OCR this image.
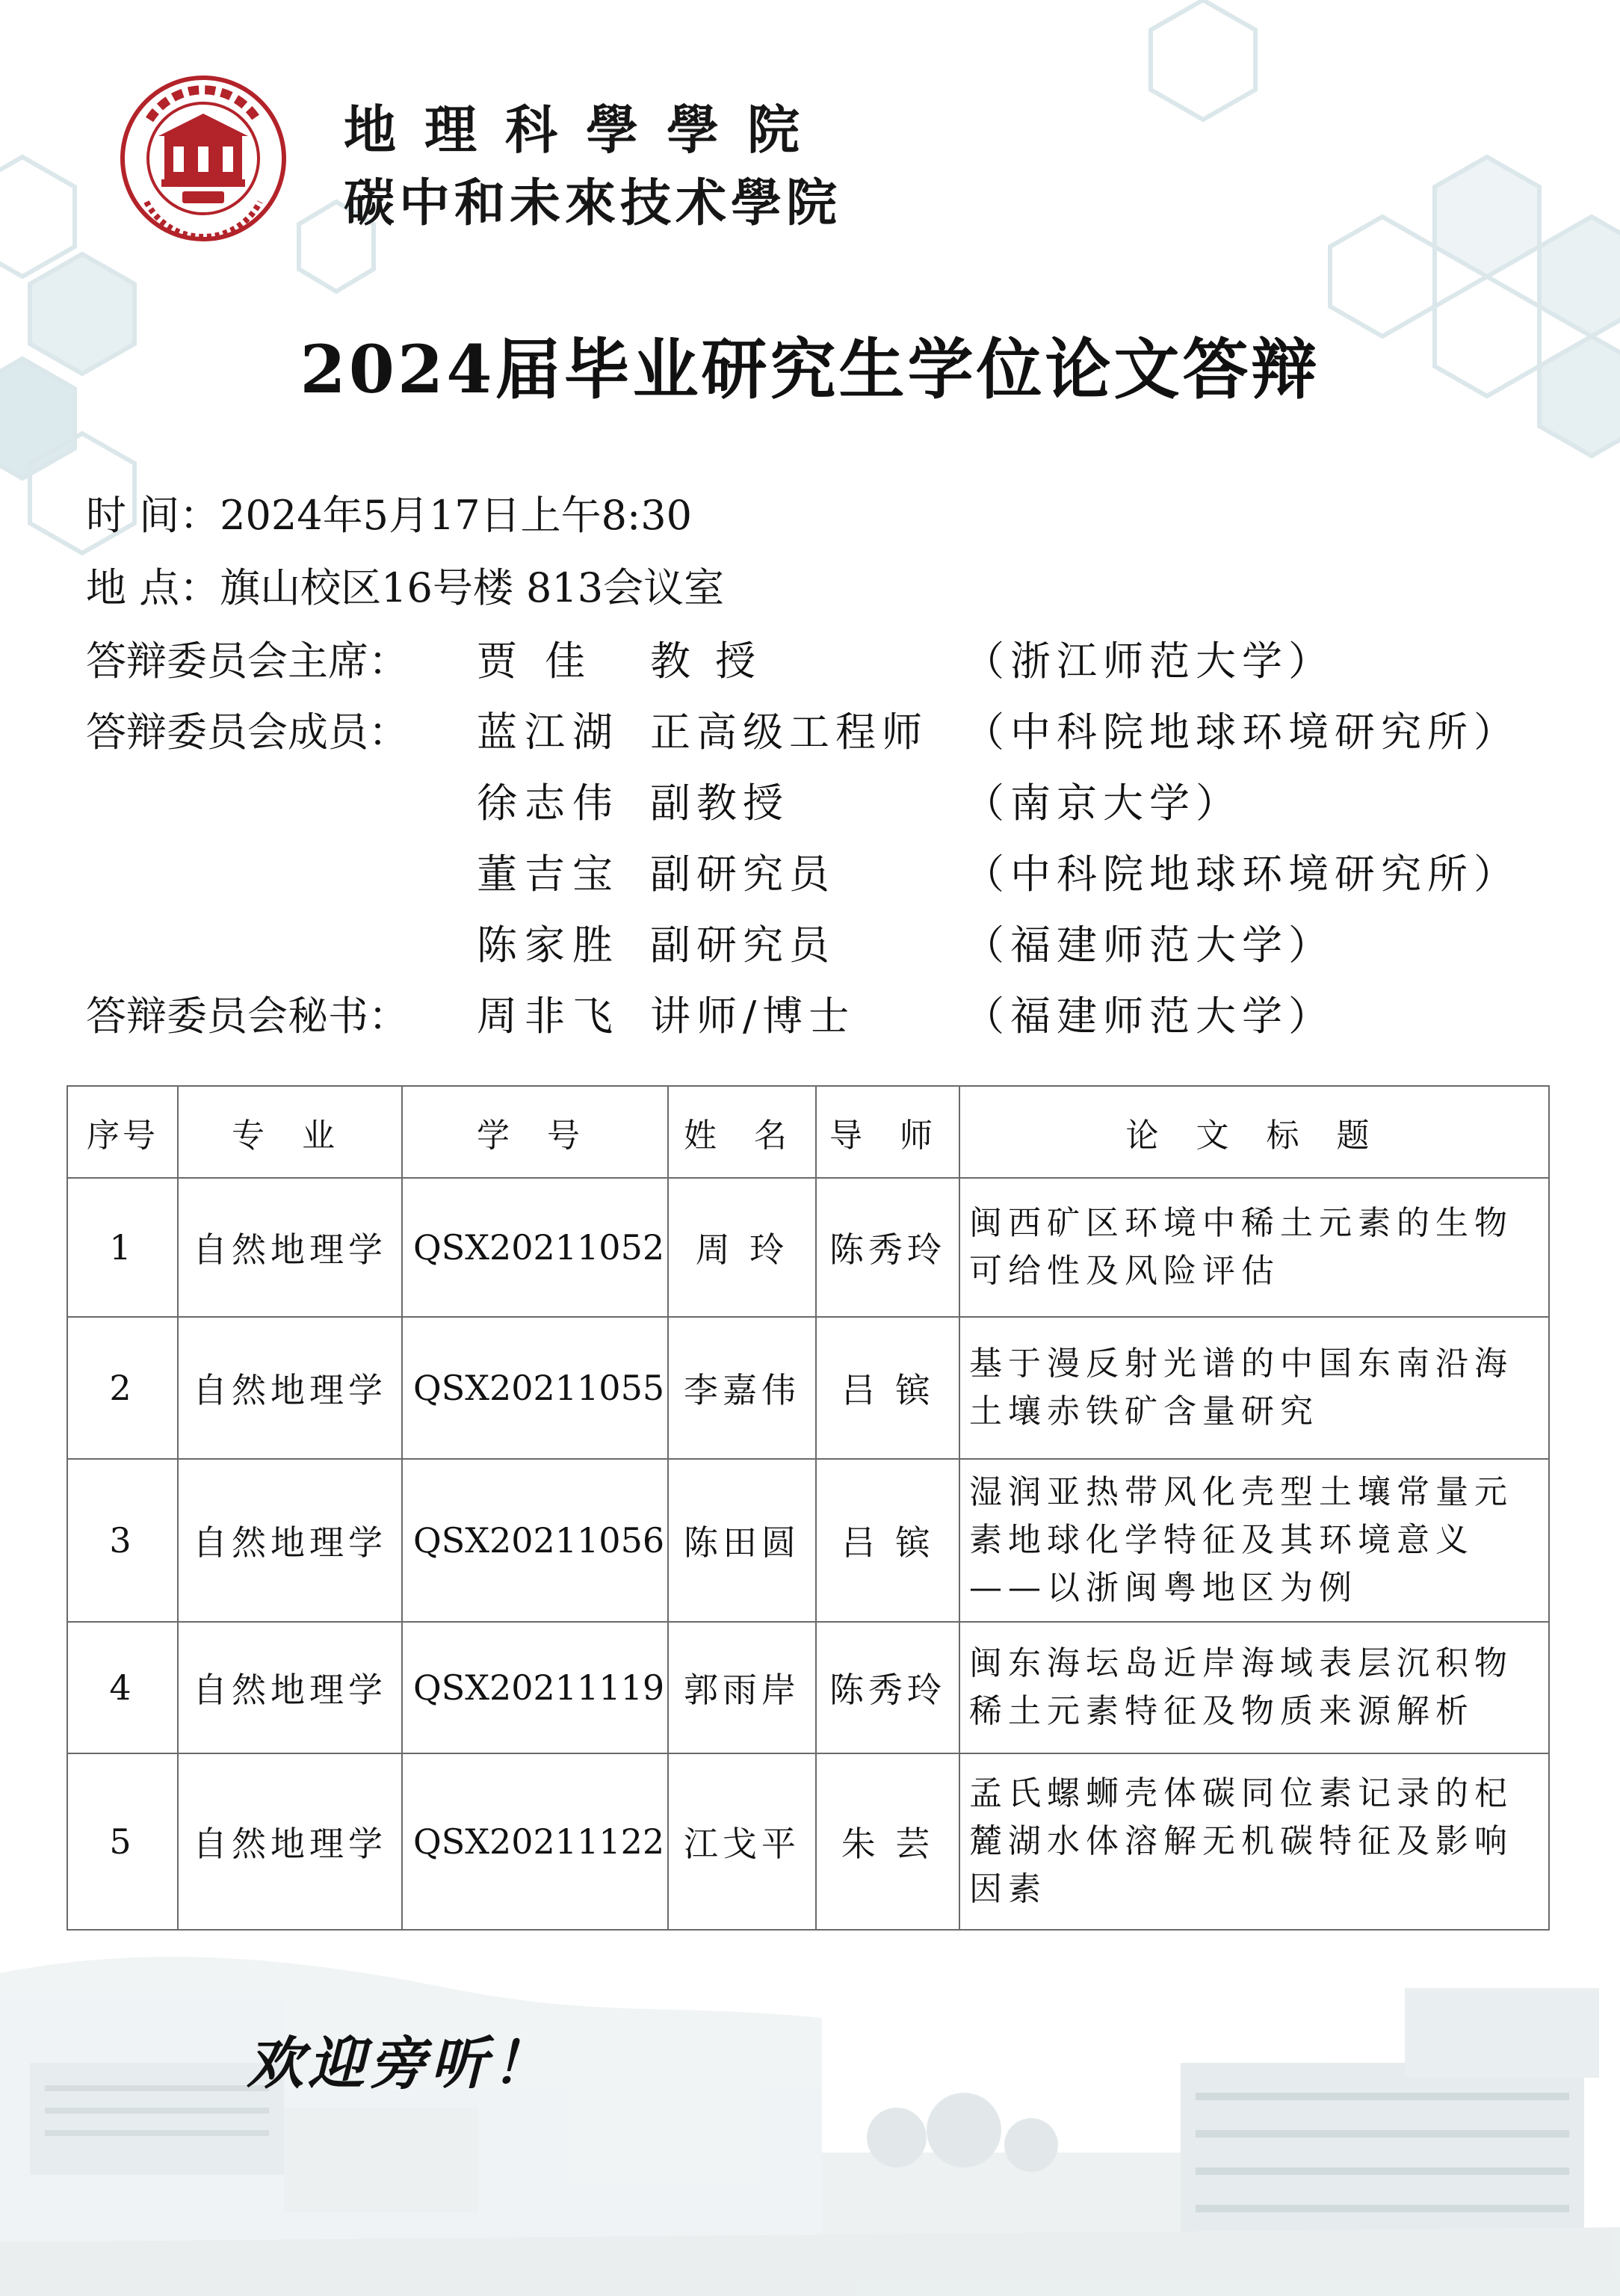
地理科學學院
碳中和未來技术學院
2024届毕业研究生学位论文答辩
时 间：2024年5月17日上午8:30
地 点：旗山校区16号楼 813会议室
答辩委员会主席： 贾 佳 教 授	（浙江师范大学）
答辩委员会成员： 蓝江湖 正高级工程师 （中科院地球环境研究所）
徐志伟 副教授	（南京大学）
董吉宝 副研究员	（中科院地球环境研究所）
陈家胜 副研究员	（福建师范大学）
答辩委员会秘书： 周非飞 讲师/博士	（福建师范大学）
序号	专 业	学 号	姓 名	导 师	论 文 标 题
1	自然地理学	QSX20211052	周 玲	陈秀玲	闽西矿区环境中稀土元素的生物可给性及风险评估
2	自然地理学	QSX20211055	李嘉伟	吕 镔	基于漫反射光谱的中国东南沿海土壤赤铁矿含量研究
3	自然地理学	QSX20211056	陈田圆	吕 镔	湿润亚热带风化壳型土壤常量元素地球化学特征及其环境意义——以浙闽粤地区为例
4	自然地理学	QSX20211119	郭雨岸	陈秀玲	闽东海坛岛近岸海域表层沉积物稀土元素特征及物质来源解析
5	自然地理学	QSX20211122	江戈平	朱 芸	孟氏螺蛳壳体碳同位素记录的杞麓湖水体溶解无机碳特征及影响因素
欢迎旁听！
